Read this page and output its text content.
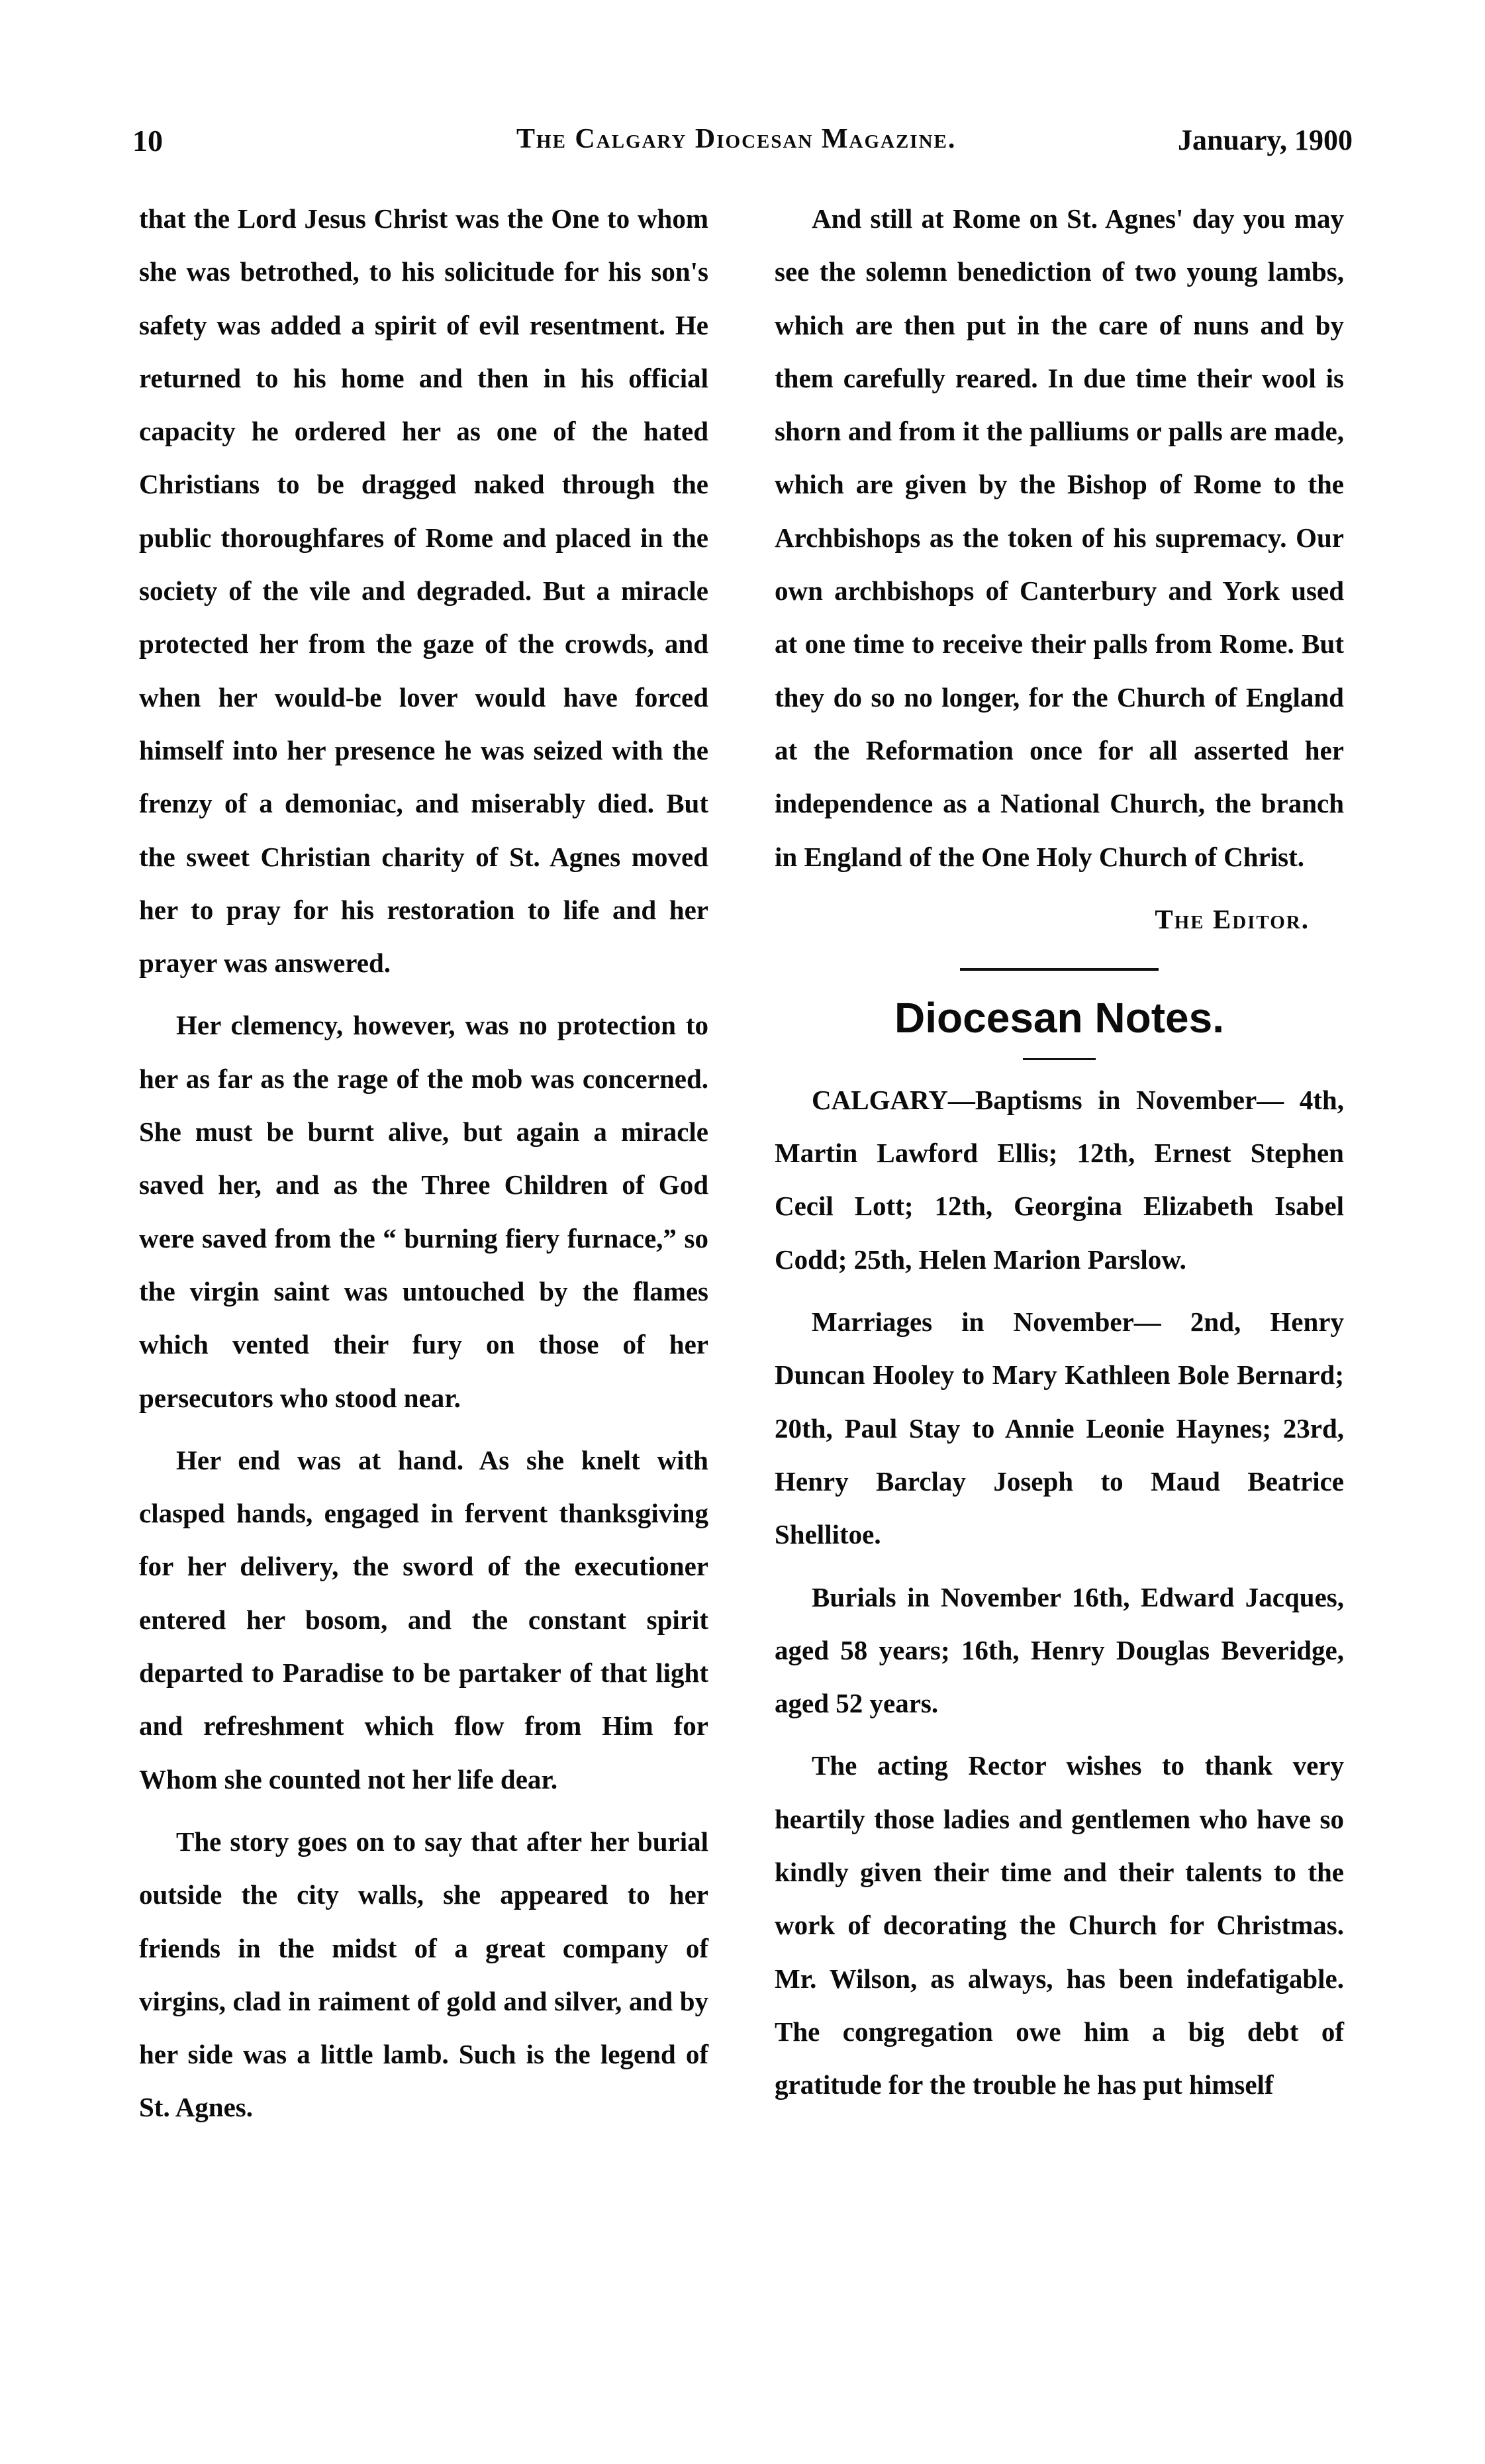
10	The Calgary Diocesan Magazine.	January, 1900

that the Lord Jesus Christ was the One to whom she was betrothed, to his solicitude for his son's safety was added a spirit of evil resentment. He returned to his home and then in his official capacity he ordered her as one of the hated Christians to be dragged naked through the public thoroughfares of Rome and placed in the society of the vile and degraded. But a miracle protected her from the gaze of the crowds, and when her would-be lover would have forced himself into her presence he was seized with the frenzy of a demoniac, and miserably died. But the sweet Christian charity of St. Agnes moved her to pray for his restoration to life and her prayer was answered.

Her clemency, however, was no protection to her as far as the rage of the mob was concerned. She must be burnt alive, but again a miracle saved her, and as the Three Children of God were saved from the “ burning fiery furnace,” so the virgin saint was untouched by the flames which vented their fury on those of her persecutors who stood near.

Her end was at hand. As she knelt with clasped hands, engaged in fervent thanksgiving for her delivery, the sword of the executioner entered her bosom, and the constant spirit departed to Paradise to be partaker of that light and refreshment which flow from Him for Whom she counted not her life dear.

The story goes on to say that after her burial outside the city walls, she appeared to her friends in the midst of a great company of virgins, clad in raiment of gold and silver, and by her side was a little lamb. Such is the legend of St. Agnes.

And still at Rome on St. Agnes' day you may see the solemn benediction of two young lambs, which are then put in the care of nuns and by them carefully reared. In due time their wool is shorn and from it the palliums or palls are made, which are given by the Bishop of Rome to the Archbishops as the token of his supremacy. Our own archbishops of Canterbury and York used at one time to receive their palls from Rome. But they do so no longer, for the Church of England at the Reformation once for all asserted her independence as a National Church, the branch in England of the One Holy Church of Christ.

The Editor.

Diocesan Notes.

CALGARY—Baptisms in November— 4th, Martin Lawford Ellis; 12th, Ernest Stephen Cecil Lott; 12th, Georgina Elizabeth Isabel Codd; 25th, Helen Marion Parslow.

Marriages in November— 2nd, Henry Duncan Hooley to Mary Kathleen Bole Bernard; 20th, Paul Stay to Annie Leonie Haynes; 23rd, Henry Barclay Joseph to Maud Beatrice Shellitoe.

Burials in November 16th, Edward Jacques, aged 58 years; 16th, Henry Douglas Beveridge, aged 52 years.

The acting Rector wishes to thank very heartily those ladies and gentlemen who have so kindly given their time and their talents to the work of decorating the Church for Christmas. Mr. Wilson, as always, has been indefatigable. The congregation owe him a big debt of gratitude for the trouble he has put himself
